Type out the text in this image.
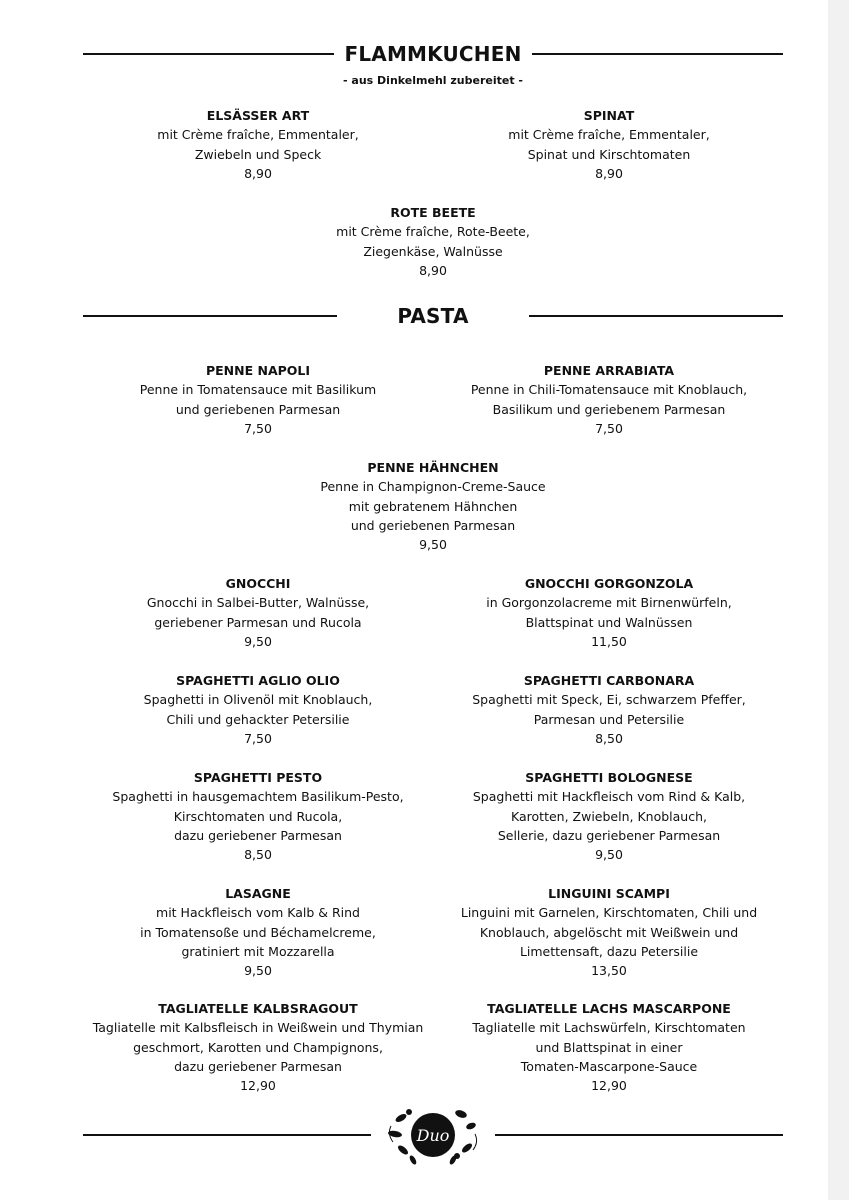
FLAMMKUCHEN
- aus Dinkelmehl zubereitet -
ELSÄSSER ART
mit Crème fraîche, Emmentaler,
Zwiebeln und Speck
8,90
SPINAT
mit Crème fraîche, Emmentaler,
Spinat und Kirschtomaten
8,90
ROTE BEETE
mit Crème fraîche, Rote-Beete,
Ziegenkäse, Walnüsse
8,90
PASTA
PENNE NAPOLI
Penne in Tomatensauce mit Basilikum
und geriebenen Parmesan
7,50
PENNE ARRABIATA
Penne in Chili-Tomatensauce mit Knoblauch,
Basilikum und geriebenem Parmesan
7,50
PENNE HÄHNCHEN
Penne in Champignon-Creme-Sauce
mit gebratenem Hähnchen
und geriebenen Parmesan
9,50
GNOCCHI
Gnocchi in Salbei-Butter, Walnüsse,
geriebener Parmesan und Rucola
9,50
GNOCCHI GORGONZOLA
in Gorgonzolacreme mit Birnenwürfeln,
Blattspinat und Walnüssen
11,50
SPAGHETTI AGLIO OLIO
Spaghetti in Olivenöl mit Knoblauch,
Chili und gehackter Petersilie
7,50
SPAGHETTI CARBONARA
Spaghetti mit Speck, Ei, schwarzem Pfeffer,
Parmesan und Petersilie
8,50
SPAGHETTI PESTO
Spaghetti in hausgemachtem Basilikum-Pesto,
Kirschtomaten und Rucola,
dazu geriebener Parmesan
8,50
SPAGHETTI BOLOGNESE
Spaghetti mit Hackfleisch vom Rind & Kalb,
Karotten, Zwiebeln, Knoblauch,
Sellerie, dazu geriebener Parmesan
9,50
LASAGNE
mit Hackfleisch vom Kalb & Rind
in Tomatensoße und Béchamelcreme,
gratiniert mit Mozzarella
9,50
LINGUINI SCAMPI
Linguini mit Garnelen, Kirschtomaten, Chili und
Knoblauch, abgelöscht mit Weißwein und
Limettensaft, dazu Petersilie
13,50
TAGLIATELLE KALBSRAGOUT
Tagliatelle mit Kalbsfleisch in Weißwein und Thymian
geschmort, Karotten und Champignons,
dazu geriebener Parmesan
12,90
TAGLIATELLE LACHS MASCARPONE
Tagliatelle mit Lachswürfeln, Kirschtomaten
und Blattspinat in einer
Tomaten-Mascarpone-Sauce
12,90
Duo
